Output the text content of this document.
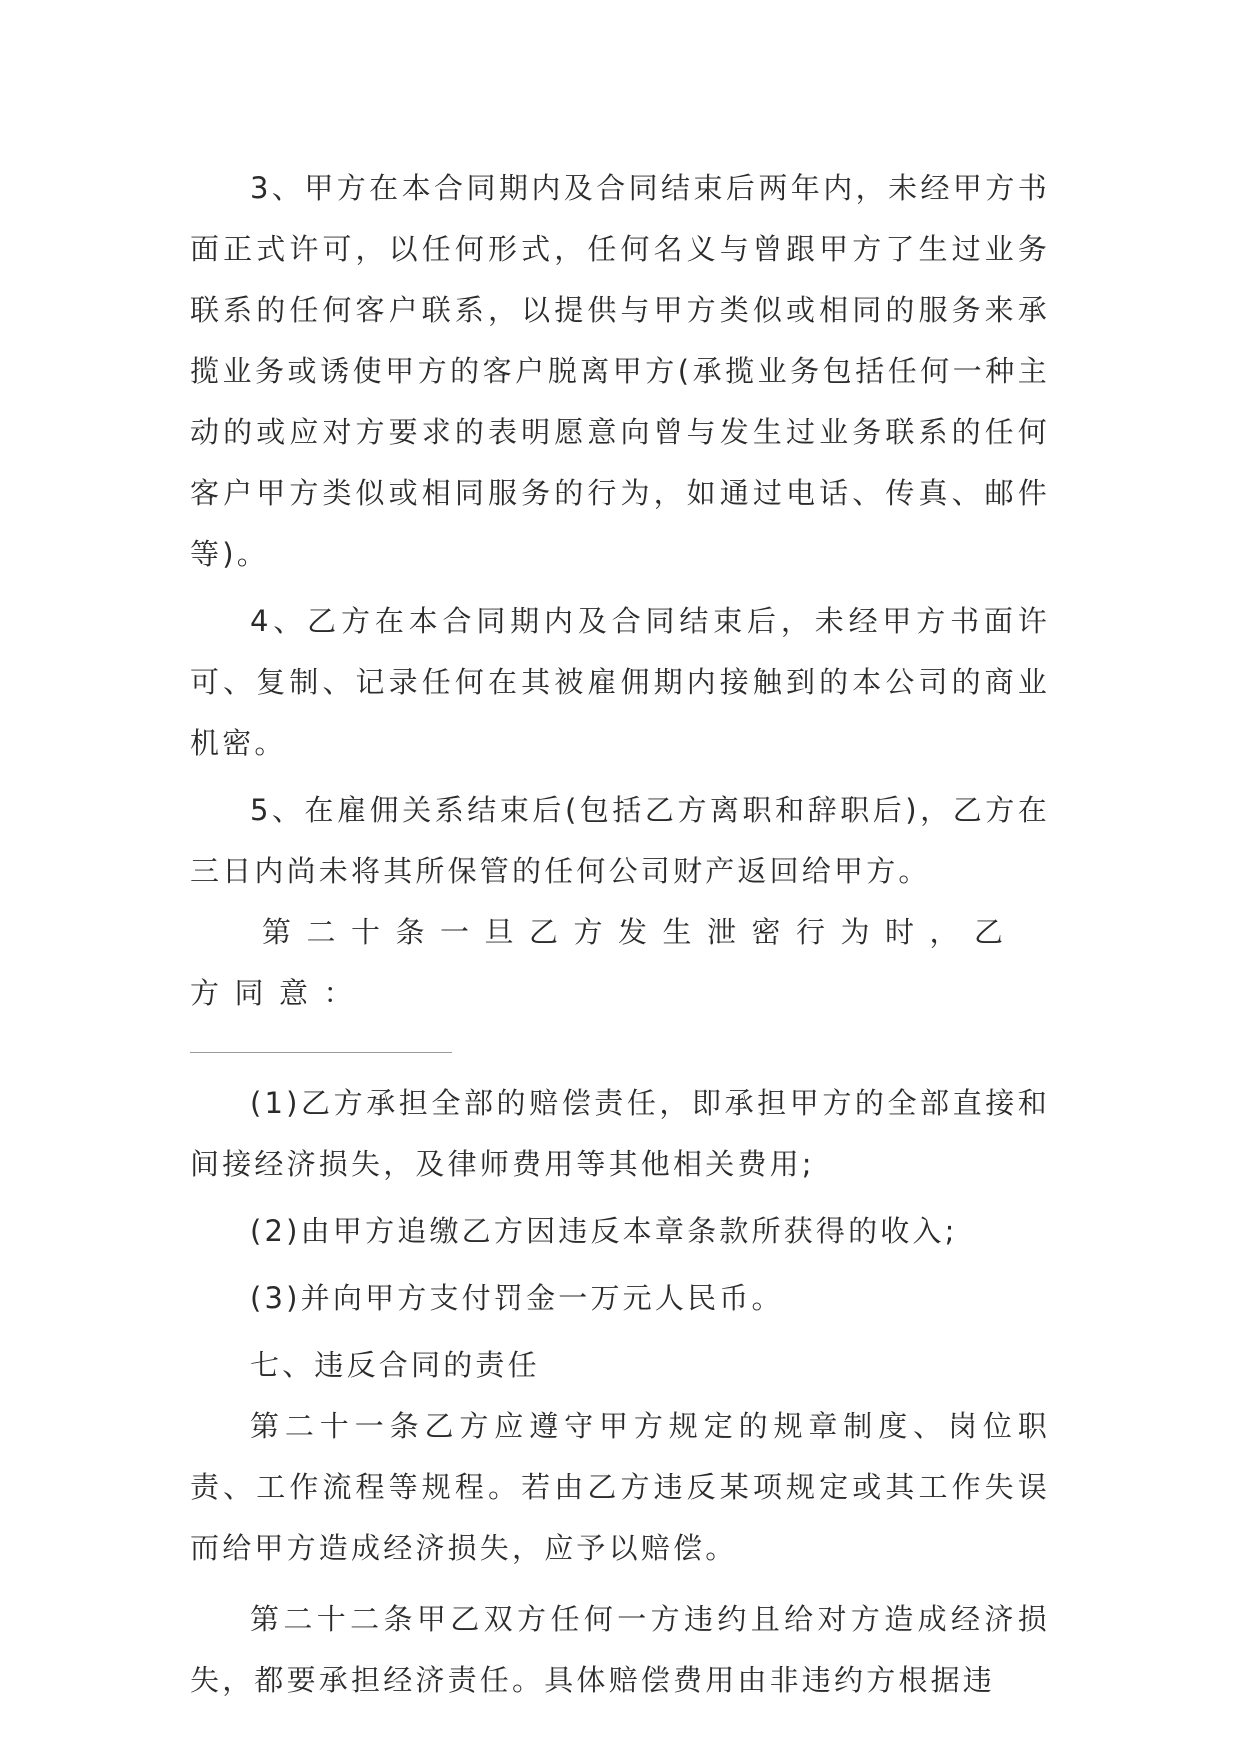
3、甲方在本合同期内及合同结束后两年内，未经甲方书面正式许可，以任何形式，任何名义与曾跟甲方了生过业务联系的任何客户联系，以提供与甲方类似或相同的服务来承揽业务或诱使甲方的客户脱离甲方(承揽业务包括任何一种主动的或应对方要求的表明愿意向曾与发生过业务联系的任何客户甲方类似或相同服务的行为，如通过电话、传真、邮件等)。

4、乙方在本合同期内及合同结束后，未经甲方书面许可、复制、记录任何在其被雇佣期内接触到的本公司的商业机密。

5、在雇佣关系结束后(包括乙方离职和辞职后)，乙方在三日内尚未将其所保管的任何公司财产返回给甲方。

第二十条一旦乙方发生泄密行为时，乙方同意：

(1)乙方承担全部的赔偿责任，即承担甲方的全部直接和间接经济损失，及律师费用等其他相关费用;

(2)由甲方追缴乙方因违反本章条款所获得的收入;

(3)并向甲方支付罚金一万元人民币。

七、违反合同的责任

第二十一条乙方应遵守甲方规定的规章制度、岗位职责、工作流程等规程。若由乙方违反某项规定或其工作失误而给甲方造成经济损失，应予以赔偿。

第二十二条甲乙双方任何一方违约且给对方造成经济损失，都要承担经济责任。具体赔偿费用由非违约方根据违
